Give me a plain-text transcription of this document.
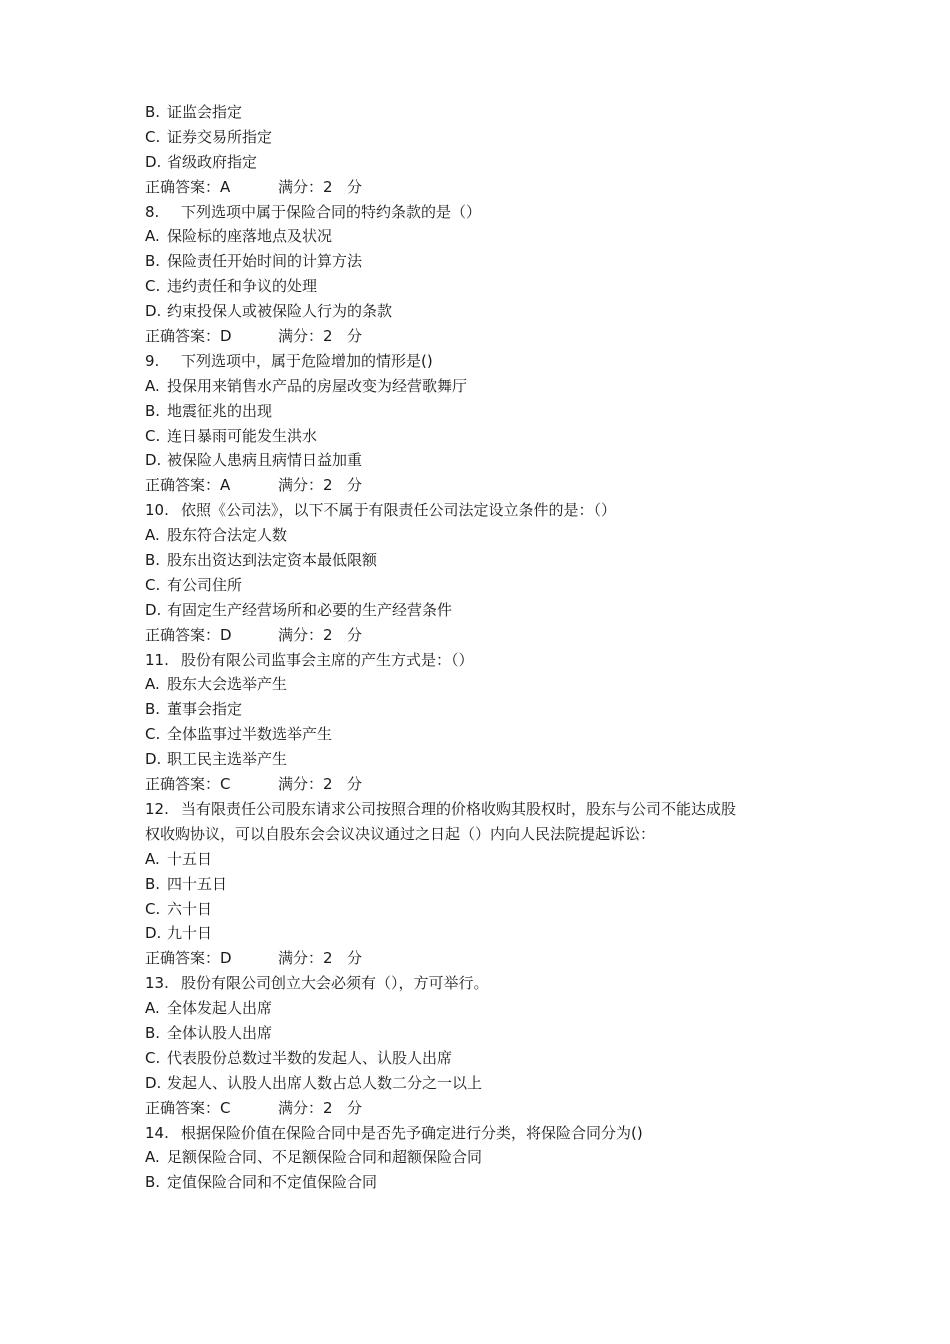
B. 证监会指定
C. 证券交易所指定
D. 省级政府指定
正确答案：A	满分：2 分
8. 下列选项中属于保险合同的特约条款的是（）
A. 保险标的座落地点及状况
B. 保险责任开始时间的计算方法
C. 违约责任和争议的处理
D. 约束投保人或被保险人行为的条款
正确答案：D	满分：2 分
9. 下列选项中，属于危险增加的情形是()
A. 投保用来销售水产品的房屋改变为经营歌舞厅
B. 地震征兆的出现
C. 连日暴雨可能发生洪水
D. 被保险人患病且病情日益加重
正确答案：A	满分：2 分
10. 依照《公司法》，以下不属于有限责任公司法定设立条件的是：（）
A. 股东符合法定人数
B. 股东出资达到法定资本最低限额
C. 有公司住所
D. 有固定生产经营场所和必要的生产经营条件
正确答案：D	满分：2 分
11. 股份有限公司监事会主席的产生方式是：（）
A. 股东大会选举产生
B. 董事会指定
C. 全体监事过半数选举产生
D. 职工民主选举产生
正确答案：C	满分：2 分
12. 当有限责任公司股东请求公司按照合理的价格收购其股权时，股东与公司不能达成股
权收购协议，可以自股东会会议决议通过之日起（）内向人民法院提起诉讼：
A. 十五日
B. 四十五日
C. 六十日
D. 九十日
正确答案：D	满分：2 分
13. 股份有限公司创立大会必须有（），方可举行。
A. 全体发起人出席
B. 全体认股人出席
C. 代表股份总数过半数的发起人、认股人出席
D. 发起人、认股人出席人数占总人数二分之一以上
正确答案：C	满分：2 分
14. 根据保险价值在保险合同中是否先予确定进行分类，将保险合同分为()
A. 足额保险合同、不足额保险合同和超额保险合同
B. 定值保险合同和不定值保险合同
